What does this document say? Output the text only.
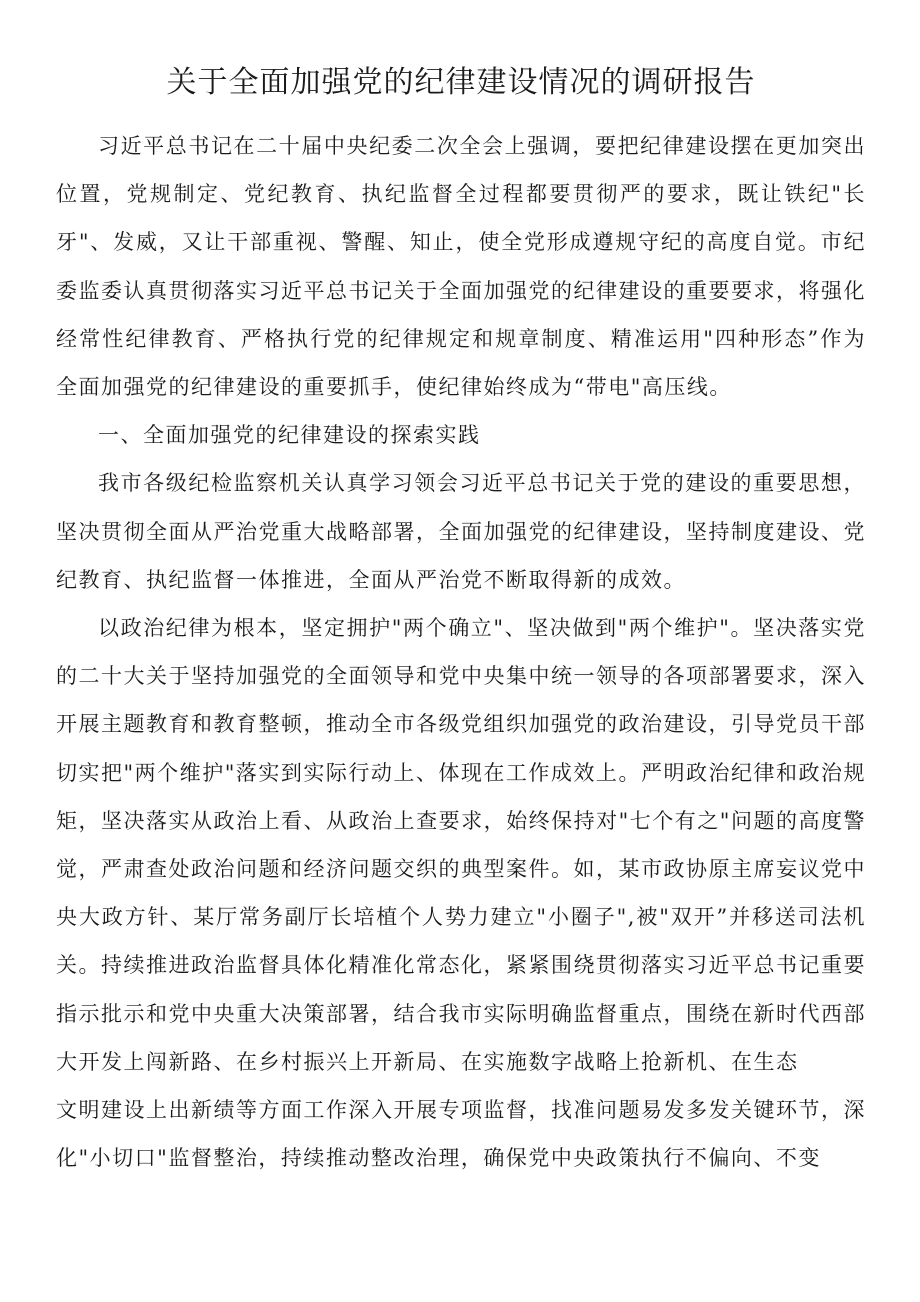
关于全面加强党的纪律建设情况的调研报告

习近平总书记在二十届中央纪委二次全会上强调，要把纪律建设摆在更加突出位置，党规制定、党纪教育、执纪监督全过程都要贯彻严的要求，既让铁纪"长牙"、发威，又让干部重视、警醒、知止，使全党形成遵规守纪的高度自觉。市纪委监委认真贯彻落实习近平总书记关于全面加强党的纪律建设的重要要求，将强化经常性纪律教育、严格执行党的纪律规定和规章制度、精准运用"四种形态”作为全面加强党的纪律建设的重要抓手，使纪律始终成为“带电"高压线。

一、全面加强党的纪律建设的探索实践

我市各级纪检监察机关认真学习领会习近平总书记关于党的建设的重要思想，坚决贯彻全面从严治党重大战略部署，全面加强党的纪律建设，坚持制度建设、党纪教育、执纪监督一体推进，全面从严治党不断取得新的成效。

以政治纪律为根本，坚定拥护"两个确立"、坚决做到"两个维护"。坚决落实党的二十大关于坚持加强党的全面领导和党中央集中统一领导的各项部署要求，深入开展主题教育和教育整顿，推动全市各级党组织加强党的政治建设，引导党员干部切实把"两个维护"落实到实际行动上、体现在工作成效上。严明政治纪律和政治规矩，坚决落实从政治上看、从政治上查要求，始终保持对"七个有之"问题的高度警觉，严肃查处政治问题和经济问题交织的典型案件。如，某市政协原主席妄议党中央大政方针、某厅常务副厅长培植个人势力建立"小圈子",被"双开”并移送司法机关。持续推进政治监督具体化精准化常态化，紧紧围绕贯彻落实习近平总书记重要指示批示和党中央重大决策部署，结合我市实际明确监督重点，围绕在新时代西部大开发上闯新路、在乡村振兴上开新局、在实施数字战略上抢新机、在生态

文明建设上出新绩等方面工作深入开展专项监督，找准问题易发多发关键环节，深化"小切口"监督整治，持续推动整改治理，确保党中央政策执行不偏向、不变
